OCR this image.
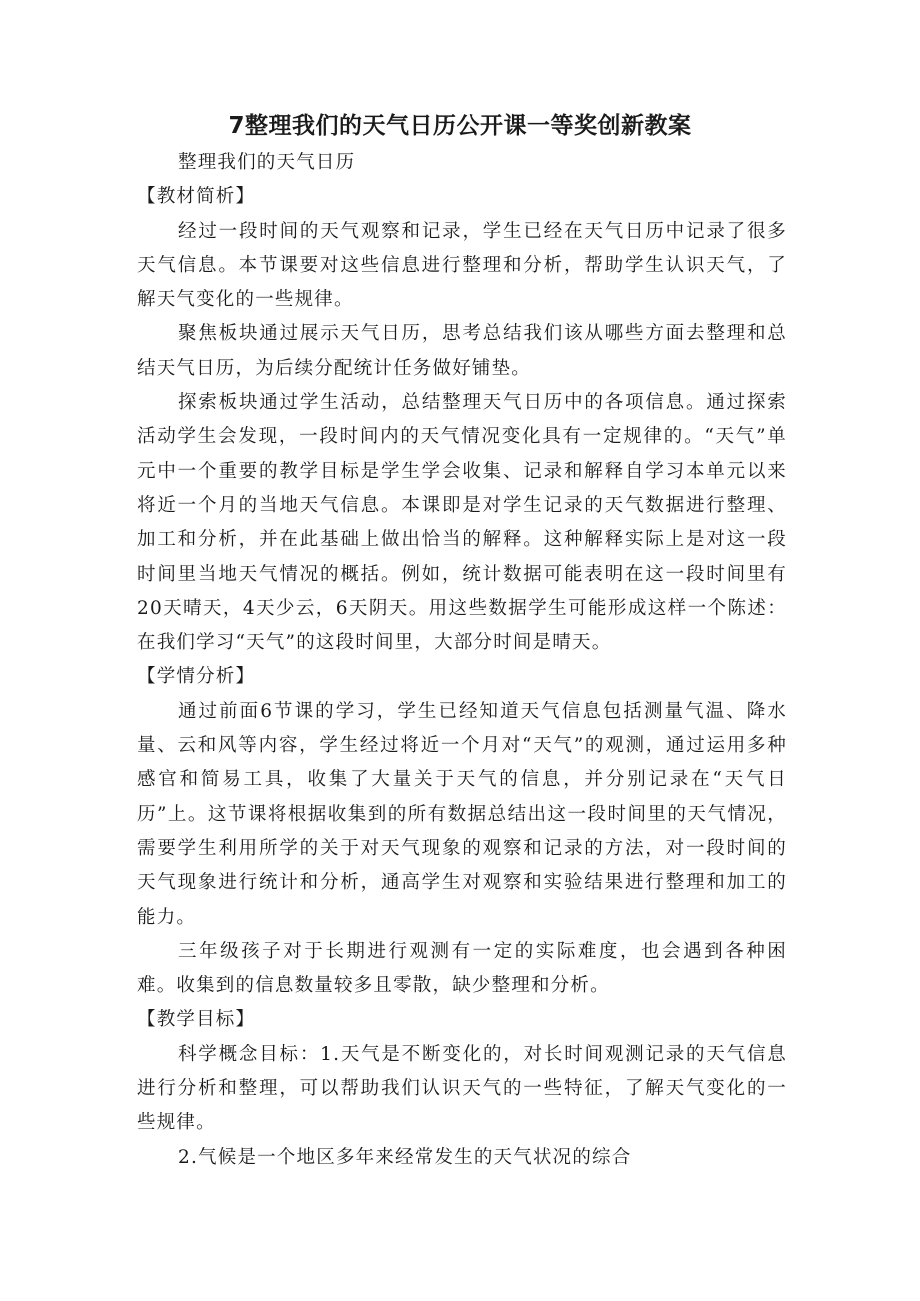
7整理我们的天气日历公开课一等奖创新教案

整理我们的天气日历

【教材简析】

经过一段时间的天气观察和记录，学生已经在天气日历中记录了很多天气信息。本节课要对这些信息进行整理和分析，帮助学生认识天气，了解天气变化的一些规律。

聚焦板块通过展示天气日历，思考总结我们该从哪些方面去整理和总结天气日历，为后续分配统计任务做好铺垫。

探索板块通过学生活动，总结整理天气日历中的各项信息。通过探索活动学生会发现，一段时间内的天气情况变化具有一定规律的。“天气”单元中一个重要的教学目标是学生学会收集、记录和解释自学习本单元以来将近一个月的当地天气信息。本课即是对学生记录的天气数据进行整理、加工和分析，并在此基础上做出恰当的解释。这种解释实际上是对这一段时间里当地天气情况的概括。例如，统计数据可能表明在这一段时间里有20天晴天，4天少云，6天阴天。用这些数据学生可能形成这样一个陈述：在我们学习“天气”的这段时间里，大部分时间是晴天。

【学情分析】

通过前面6节课的学习，学生已经知道天气信息包括测量气温、降水量、云和风等内容，学生经过将近一个月对“天气”的观测，通过运用多种感官和简易工具，收集了大量关于天气的信息，并分别记录在“天气日历”上。这节课将根据收集到的所有数据总结出这一段时间里的天气情况，需要学生利用所学的关于对天气现象的观察和记录的方法，对一段时间的天气现象进行统计和分析，通高学生对观察和实验结果进行整理和加工的能力。

三年级孩子对于长期进行观测有一定的实际难度，也会遇到各种困难。收集到的信息数量较多且零散，缺少整理和分析。

【教学目标】

科学概念目标：1.天气是不断变化的，对长时间观测记录的天气信息进行分析和整理，可以帮助我们认识天气的一些特征，了解天气变化的一些规律。

2.气候是一个地区多年来经常发生的天气状况的综合
